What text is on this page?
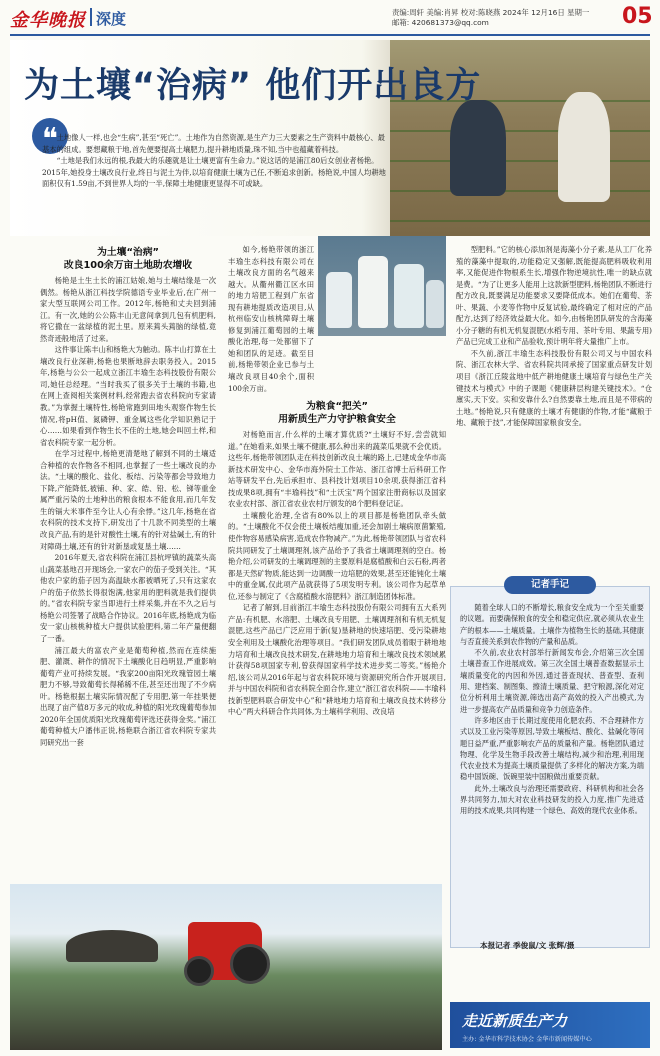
金华晚报 深度	责编:周轩 美编:肖昇 校对:陈晓燕 2024年 12月16日 星期一
邮箱: 420681373@qq.com	05
为土壤“治病” 他们开出良方
❝

土地像人一样,也会“生病”,甚至“死亡”。土地作为自然资源,是生产力三大要素之生产资料中最核心、最基本的组成。要想藏粮于地,首先便要提高土壤肥力,提升耕地质量,珠不知,当中也蕴藏着科技。

“土地是我们永远的根,我最大的乐趣就是让土壤更富有生命力。”说这话的是浦江80后女创业者杨艳。2015年,她投身土壤改良行业,终日与泥土为伴,以培育健康土壤为己任,不断追求创新。杨艳说,中国人均耕地面积仅有1.59亩,不到世界人均的一半,保障土地健康更显得不可或缺。

为土壤“治病”
改良100余万亩土地助农增收

杨艳是土生土长的浦江姑娘,她与土壤结缘是一次偶然。杨艳从浙江科技学院德语专业毕业后,在广州一家大型互联网公司工作。2012年,杨艳和丈夫回到浦江。有一次,她的公公陈丰山无意间拿到几包有机肥料,将它撒在一盆绿植的泥土里。原来蔫头蔫脑的绿植,竟然奇迹般地活了过来。

这件事让陈丰山和杨艳大为触动。陈丰山打算在土壤改良行业深耕,杨艳也果断地辞去职务投入。2015年,杨艳与公公一起成立浙江丰瑜生态科技股份有限公司,她任总经理。“当时我买了很多关于土壤的书籍,也在网上查阅相关案例材料,经常跑去省农科院向专家请教。”为掌握土壤特性,杨艳常跑到田地头观察作物生长情况,将pH值、氮磷钾、重金属这些化学知识熟记于心……如果看到作物生长不佳的土地,她会叫回土样,和省农科院专家一起分析。

在学习过程中,杨艳更清楚地了解到不同的土壤适合种植的农作物各不相同,也掌握了一些土壤改良的办法。“土壤的酸化、盐化、板结、污染等都会导致地力下降,产能降低,被铺、种、家、皓、铅、松、锑等重金属严重污染的土地种出的粮食根本不能食用,而几年发生的镉大米事件至今让人心有余悸。”这几年,杨艳在省农科院的技术支持下,研发出了十几款不同类型的土壤改良产品,有的是针对酸性土壤,有的针对盐碱土,有的针对障碍土壤,还有的针对新垦或复垦土壤……

2016年夏天,省农科院在浦江县杭坪镇的蔬菜头高山蔬菜基地召开现场会,一家农户的茄子受到关注。“其他农户家的茄子因为高温缺水都被晒死了,只有这家农户的茄子依然长得很饱满,他家用的肥料就是我们提供的。”省农科院专家当即进行土样采集,并在不久之后与杨艳公司签署了战略合作协议。2016年底,杨艳成为临安一家山核桃种植大户提供试验肥料,第二年产量便翻了一番。

浦江最大的富农产业是葡萄种植,然而在连续施肥、灌溉、耕作的情况下土壤酸化日趋明显,严重影响葡萄产业可持续发展。“我家200亩阳光玫瑰管园土壤肥力不够,导致葡萄长得稀稀不佳,甚至还出现了不少病叶。杨艳根据土壤实际情况配了专用肥,第一年挂果便出现了亩产值8万多元的收成,种植的阳光玫瑰葡萄参加2020年全国优质阳光玫瑰葡萄评选还获得金奖。”浦江葡萄种植大户潘伟正说,杨艳联合浙江省农科院专家共同研究出一套

如今,杨艳带领的浙江丰瑜生态科技有限公司在土壤改良方面的名气越来越大。从衢州衢江区水田的地力培肥工程到广东省现有耕地提质改造项目,从杭州临安山核桃障碍土壤修复到浦江葡萄园的土壤酸化治理,每一处都留下了她和团队的足迹。截至目前,杨艳带领企业已参与土壤改良项目40余个,面积100余万亩。

为粮食“把关”
用新质生产力守护粮食安全

对杨艳而言,什么样的土壤才算优质?“土壤好不好,尝尝就知道。”在她看来,如果土壤不健康,那么种出来的蔬菜瓜果就不会优质。这些年,杨艳带领团队走在科技创新改良土壤的路上,已建成金华市高新技术研发中心、金华市海外院士工作站、浙江省博士后科研工作站等研发平台,先后承担市、县科技计划项目10余项,获得浙江省科技成果8项,拥有“丰瑜科技”和“土沃宝”两个国家注册商标以及国家农业农村部、浙江省农业农村厅颁发的8个肥料登记证。

土壤酸化治理,全省有80%以上的项目都是杨艳团队牵头做的。“土壤酸化不仅会使土壤板结瘦加重,还会加剧土壤病原菌繁殖,使作物容易感染病害,造成农作物减产。”为此,杨艳带领团队与省农科院共同研发了土壤调理剂,该产品给予了我省土壤调理剂的空白。杨艳介绍,公司研发的土壤调理剂的主要原料是腐植酸和白云石粉,两者都是天然矿物质,能达到一边调酸一边培肥的效果,甚至还能钝化土壤中的重金属,仅此项产品就获得了5项发明专利。该公司作为起草单位,还参与制定了《含腐植酸水溶肥料》浙江制造团体标准。

记者了解到,目前浙江丰瑜生态科技股份有限公司拥有五大系列产品:有机肥、水溶肥、土壤改良专用肥、土壤调理剂和有机无机复混肥,这些产品已广泛应用于新(复)垦耕地的快速培肥、受污染耕地安全利用及土壤酸化治理等项目。“我们研发团队成员着眼于耕地地力培育和土壤改良技术研发,在耕地地力培育和土壤改良技术领域累计获得58项国家专利,曾获得国家科学技术进步奖二等奖。”杨艳介绍,该公司从2016年起与省农科院环境与资源研究所合作开展项目,并与中国农科院和省农科院全面合作,建立“浙江省农科院——丰瑜科技新型肥料联合研发中心”和“耕地地力培育和土壤改良技术转移分中心”两大科研合作共同体,为土壤科学利用、改良培

型肥料。”它的核心添加剂是海藻小分子素,是从工厂化养殖的藻藻中提取的,功能稳定又强解,既能提高肥料吸收利用率,又能促进作物根系生长,增强作物逆境抗性,唯一的缺点就是费。“为了让更多人能用上这款新型肥料,杨艳团队不断进行配方改良,既要满足功能要求又要降低成本。她们在葡萄、茶叶、果蔬、小麦等作物中反复试验,最终确定了相对应的产品配方,达到了经济效益最大化。如今,由杨艳团队研发的含海藻小分子糖的有机无机复混肥(水稻专用、茶叶专用、果蔬专用)产品已完成工业和产品验收,预计明年将大量推广上市。

不久前,浙江丰瑜生态科技股份有限公司又与中国农科院、浙江农林大学、省农科院共同承接了国家重点研发计划项目《浙江丘陵盆地中低产耕地健康土壤培育与绿色生产关键技术与模式》中的子课题《健康耕层构建关键技术》。“仓廪实,天下安。实和安靠什么?自然要靠土地,而且是不带病的土地。”杨艳说,只有健康的土壤才有健康的作物,才能“藏粮于地、藏粮于技”,才能保障国家粮食安全。

记者手记

随着全球人口的不断增长,粮食安全成为一个至关重要的议题。而要确保粮食的安全和稳定供应,就必须从农业生产的根本——土壤质量。土壤作为植物生长的基础,其健康与否直接关系到农作物的产量和品质。

不久前,农业农村部举行新闻发布会,介绍第三次全国土壤普查工作进展成效。第三次全国土壤普查数据显示土壤质量变化的内因和外因,通过普查现状、普查型、查利用、建档案、制图集、擦清土壤质量、把守粮源,深化对定位分析利用土壤资源,筛选出高产高效的投入产出模式,为进一步提高农产品质量和竞争力创造条件。

许多地区由于长期过度使用化肥农药、不合理耕作方式以及工业污染等原因,导致土壤板结、酸化、盐碱化等问题日益严重,严重影响农产品的质量和产量。杨艳团队通过物理、化学及生物手段改善土壤结构,减少和治理,利用现代农业技术为提高土壤质量提供了多样化的解决方案,为端稳中国饭碗、饭碗里装中国粮做出重要贡献。

此外,土壤改良与治理还需要政府、科研机构和社会各界共同努力,加大对农业科技研发的投入力度,推广先进适用的技术成果,共同构建一个绿色、高效的现代农业体系。

本报记者 季俊鼠/文 张辉/摄
走近新质生产力
主办: 金华市科学技术协会 金华市新闻传媒中心
